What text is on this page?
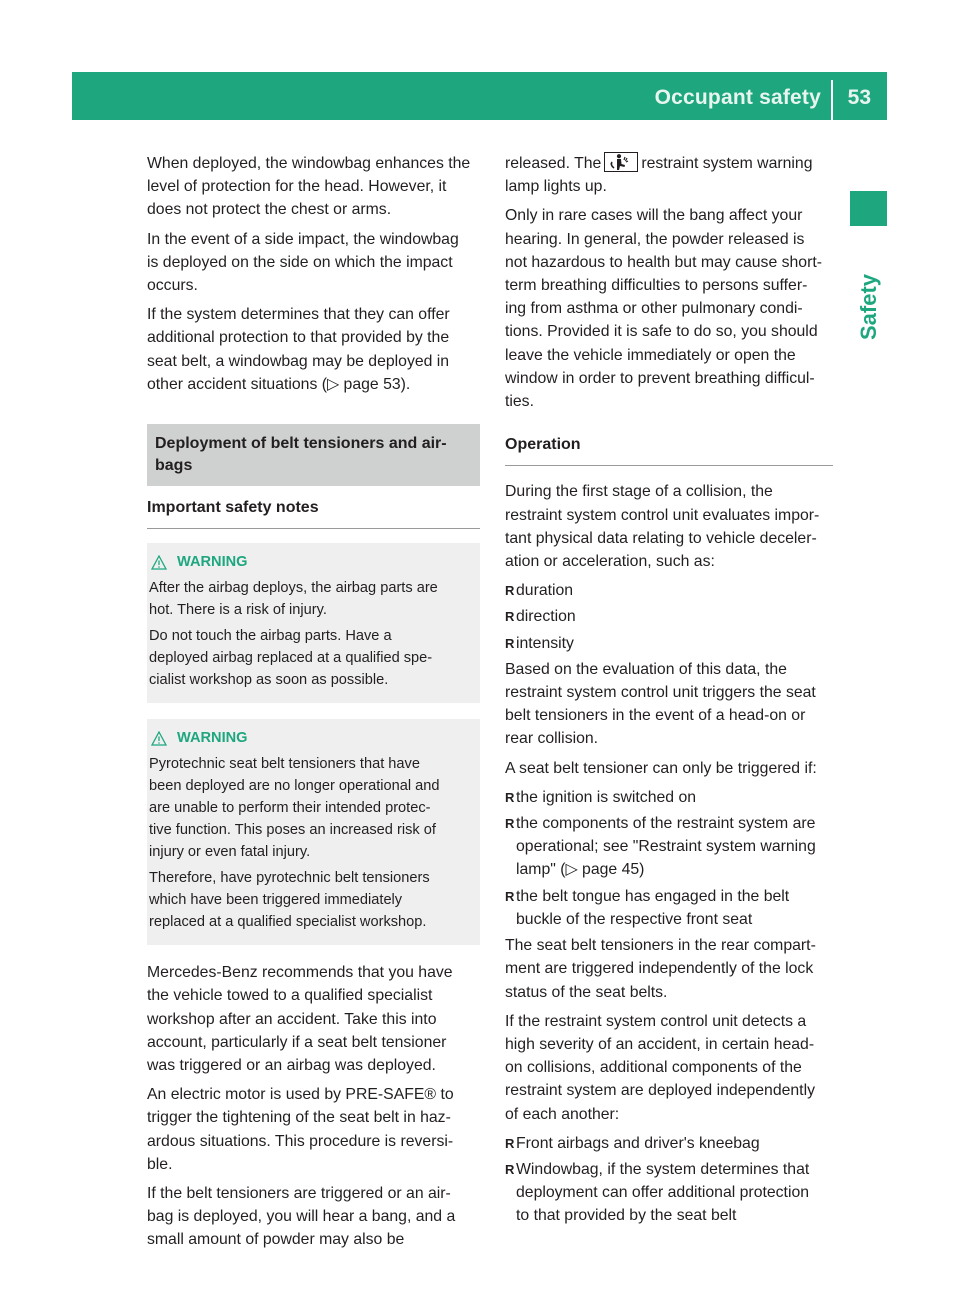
Occupant safety 53
Safety
When deployed, the windowbag enhances the
level of protection for the head. However, it
does not protect the chest or arms.
In the event of a side impact, the windowbag
is deployed on the side on which the impact
occurs.
If the system determines that they can offer
additional protection to that provided by the
seat belt, a windowbag may be deployed in
other accident situations (▷ page 53).
Deployment of belt tensioners and air-
bags
Important safety notes
WARNING
After the airbag deploys, the airbag parts are
hot. There is a risk of injury.
Do not touch the airbag parts. Have a
deployed airbag replaced at a qualified spe-
cialist workshop as soon as possible.
WARNING
Pyrotechnic seat belt tensioners that have
been deployed are no longer operational and
are unable to perform their intended protec-
tive function. This poses an increased risk of
injury or even fatal injury.
Therefore, have pyrotechnic belt tensioners
which have been triggered immediately
replaced at a qualified specialist workshop.
Mercedes-Benz recommends that you have
the vehicle towed to a qualified specialist
workshop after an accident. Take this into
account, particularly if a seat belt tensioner
was triggered or an airbag was deployed.
An electric motor is used by PRE-SAFE® to
trigger the tightening of the seat belt in haz-
ardous situations. This procedure is reversi-
ble.
If the belt tensioners are triggered or an air-
bag is deployed, you will hear a bang, and a
small amount of powder may also be
released. The	restraint system warning
lamp lights up.
Only in rare cases will the bang affect your
hearing. In general, the powder released is
not hazardous to health but may cause short-
term breathing difficulties to persons suffer-
ing from asthma or other pulmonary condi-
tions. Provided it is safe to do so, you should
leave the vehicle immediately or open the
window in order to prevent breathing difficul-
ties.
Operation
During the first stage of a collision, the
restraint system control unit evaluates impor-
tant physical data relating to vehicle deceler-
ation or acceleration, such as:
R duration
R direction
R intensity
Based on the evaluation of this data, the
restraint system control unit triggers the seat
belt tensioners in the event of a head-on or
rear collision.
A seat belt tensioner can only be triggered if:
R the ignition is switched on
R the components of the restraint system are
operational; see "Restraint system warning
lamp" (▷ page 45)
R the belt tongue has engaged in the belt
buckle of the respective front seat
The seat belt tensioners in the rear compart-
ment are triggered independently of the lock
status of the seat belts.
If the restraint system control unit detects a
high severity of an accident, in certain head-
on collisions, additional components of the
restraint system are deployed independently
of each another:
R Front airbags and driver's kneebag
R Windowbag, if the system determines that
deployment can offer additional protection
to that provided by the seat belt
